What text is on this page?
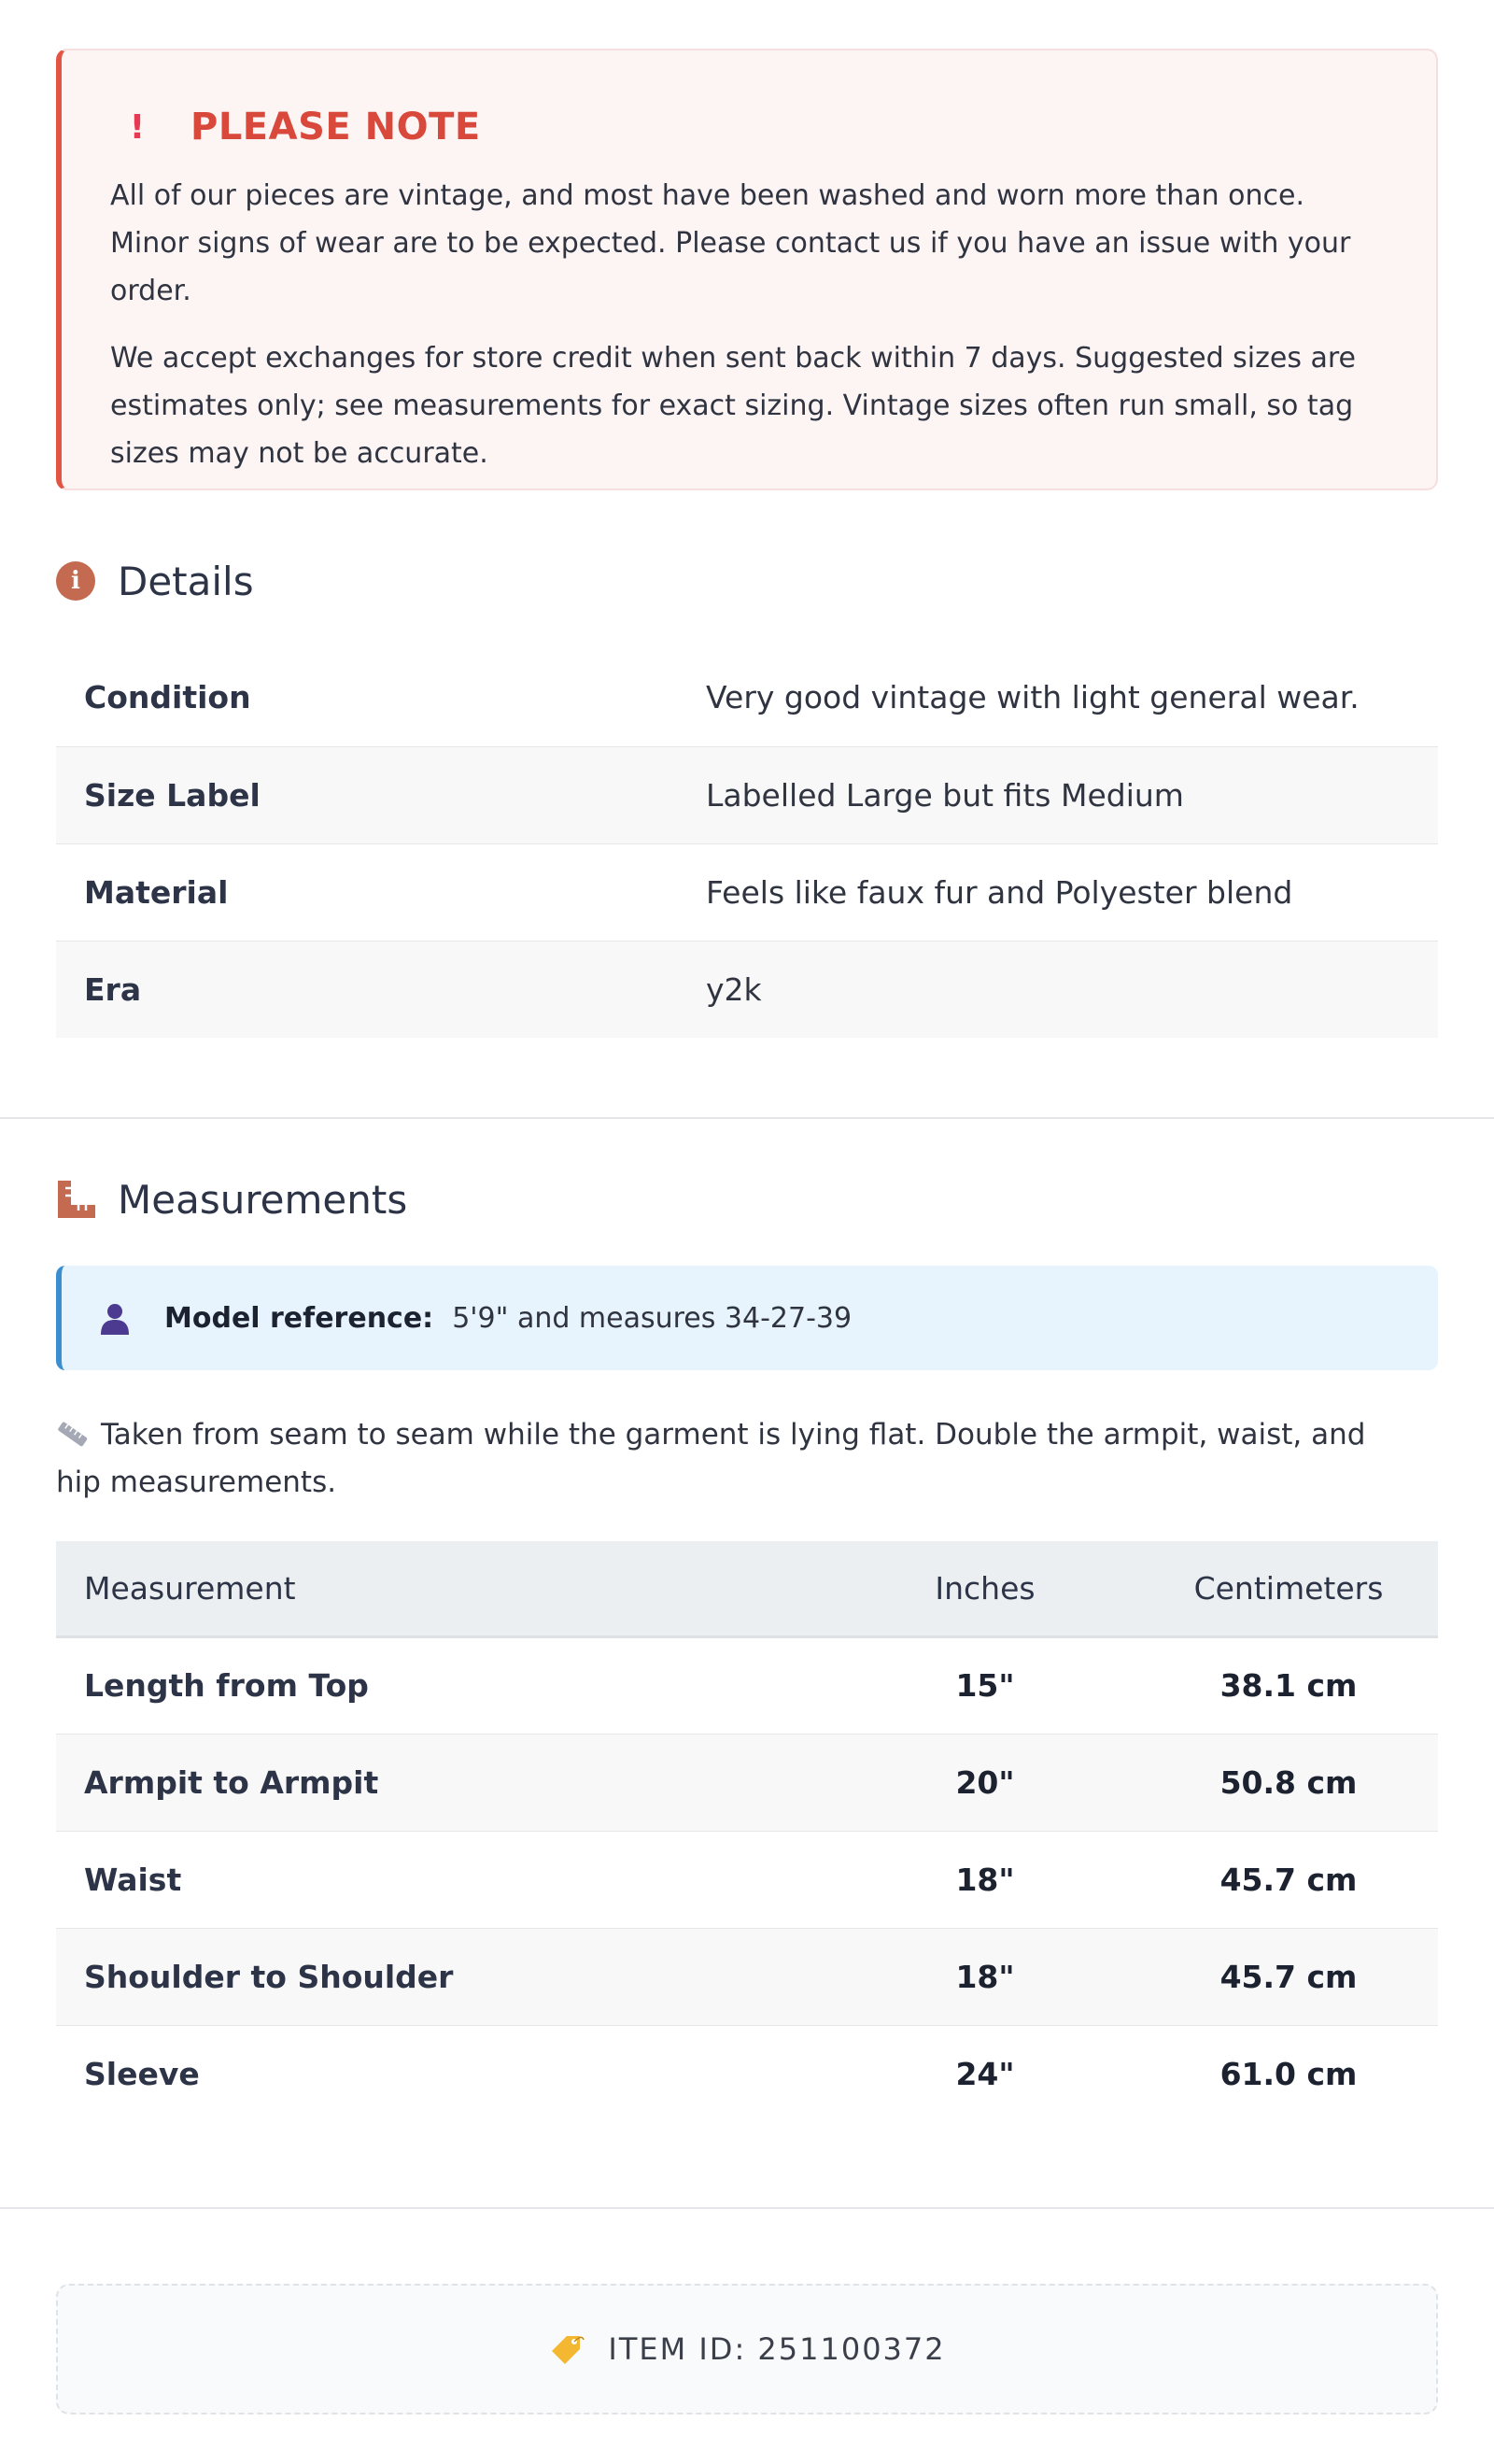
! PLEASE NOTE

All of our pieces are vintage, and most have been washed and worn more than once. Minor signs of wear are to be expected. Please contact us if you have an issue with your order.

We accept exchanges for store credit when sent back within 7 days. Suggested sizes are estimates only; see measurements for exact sizing. Vintage sizes often run small, so tag sizes may not be accurate.

i Details
Condition	Very good vintage with light general wear.
Size Label	Labelled Large but fits Medium
Material	Feels like faux fur and Polyester blend
Era	y2k
Measurements
Model reference: 5'9" and measures 34-27-39
Taken from seam to seam while the garment is lying flat. Double the armpit, waist, and hip measurements.
Measurement	Inches	Centimeters
Length from Top	15"	38.1 cm
Armpit to Armpit	20"	50.8 cm
Waist	18"	45.7 cm
Shoulder to Shoulder	18"	45.7 cm
Sleeve	24"	61.0 cm
ITEM ID: 251100372
